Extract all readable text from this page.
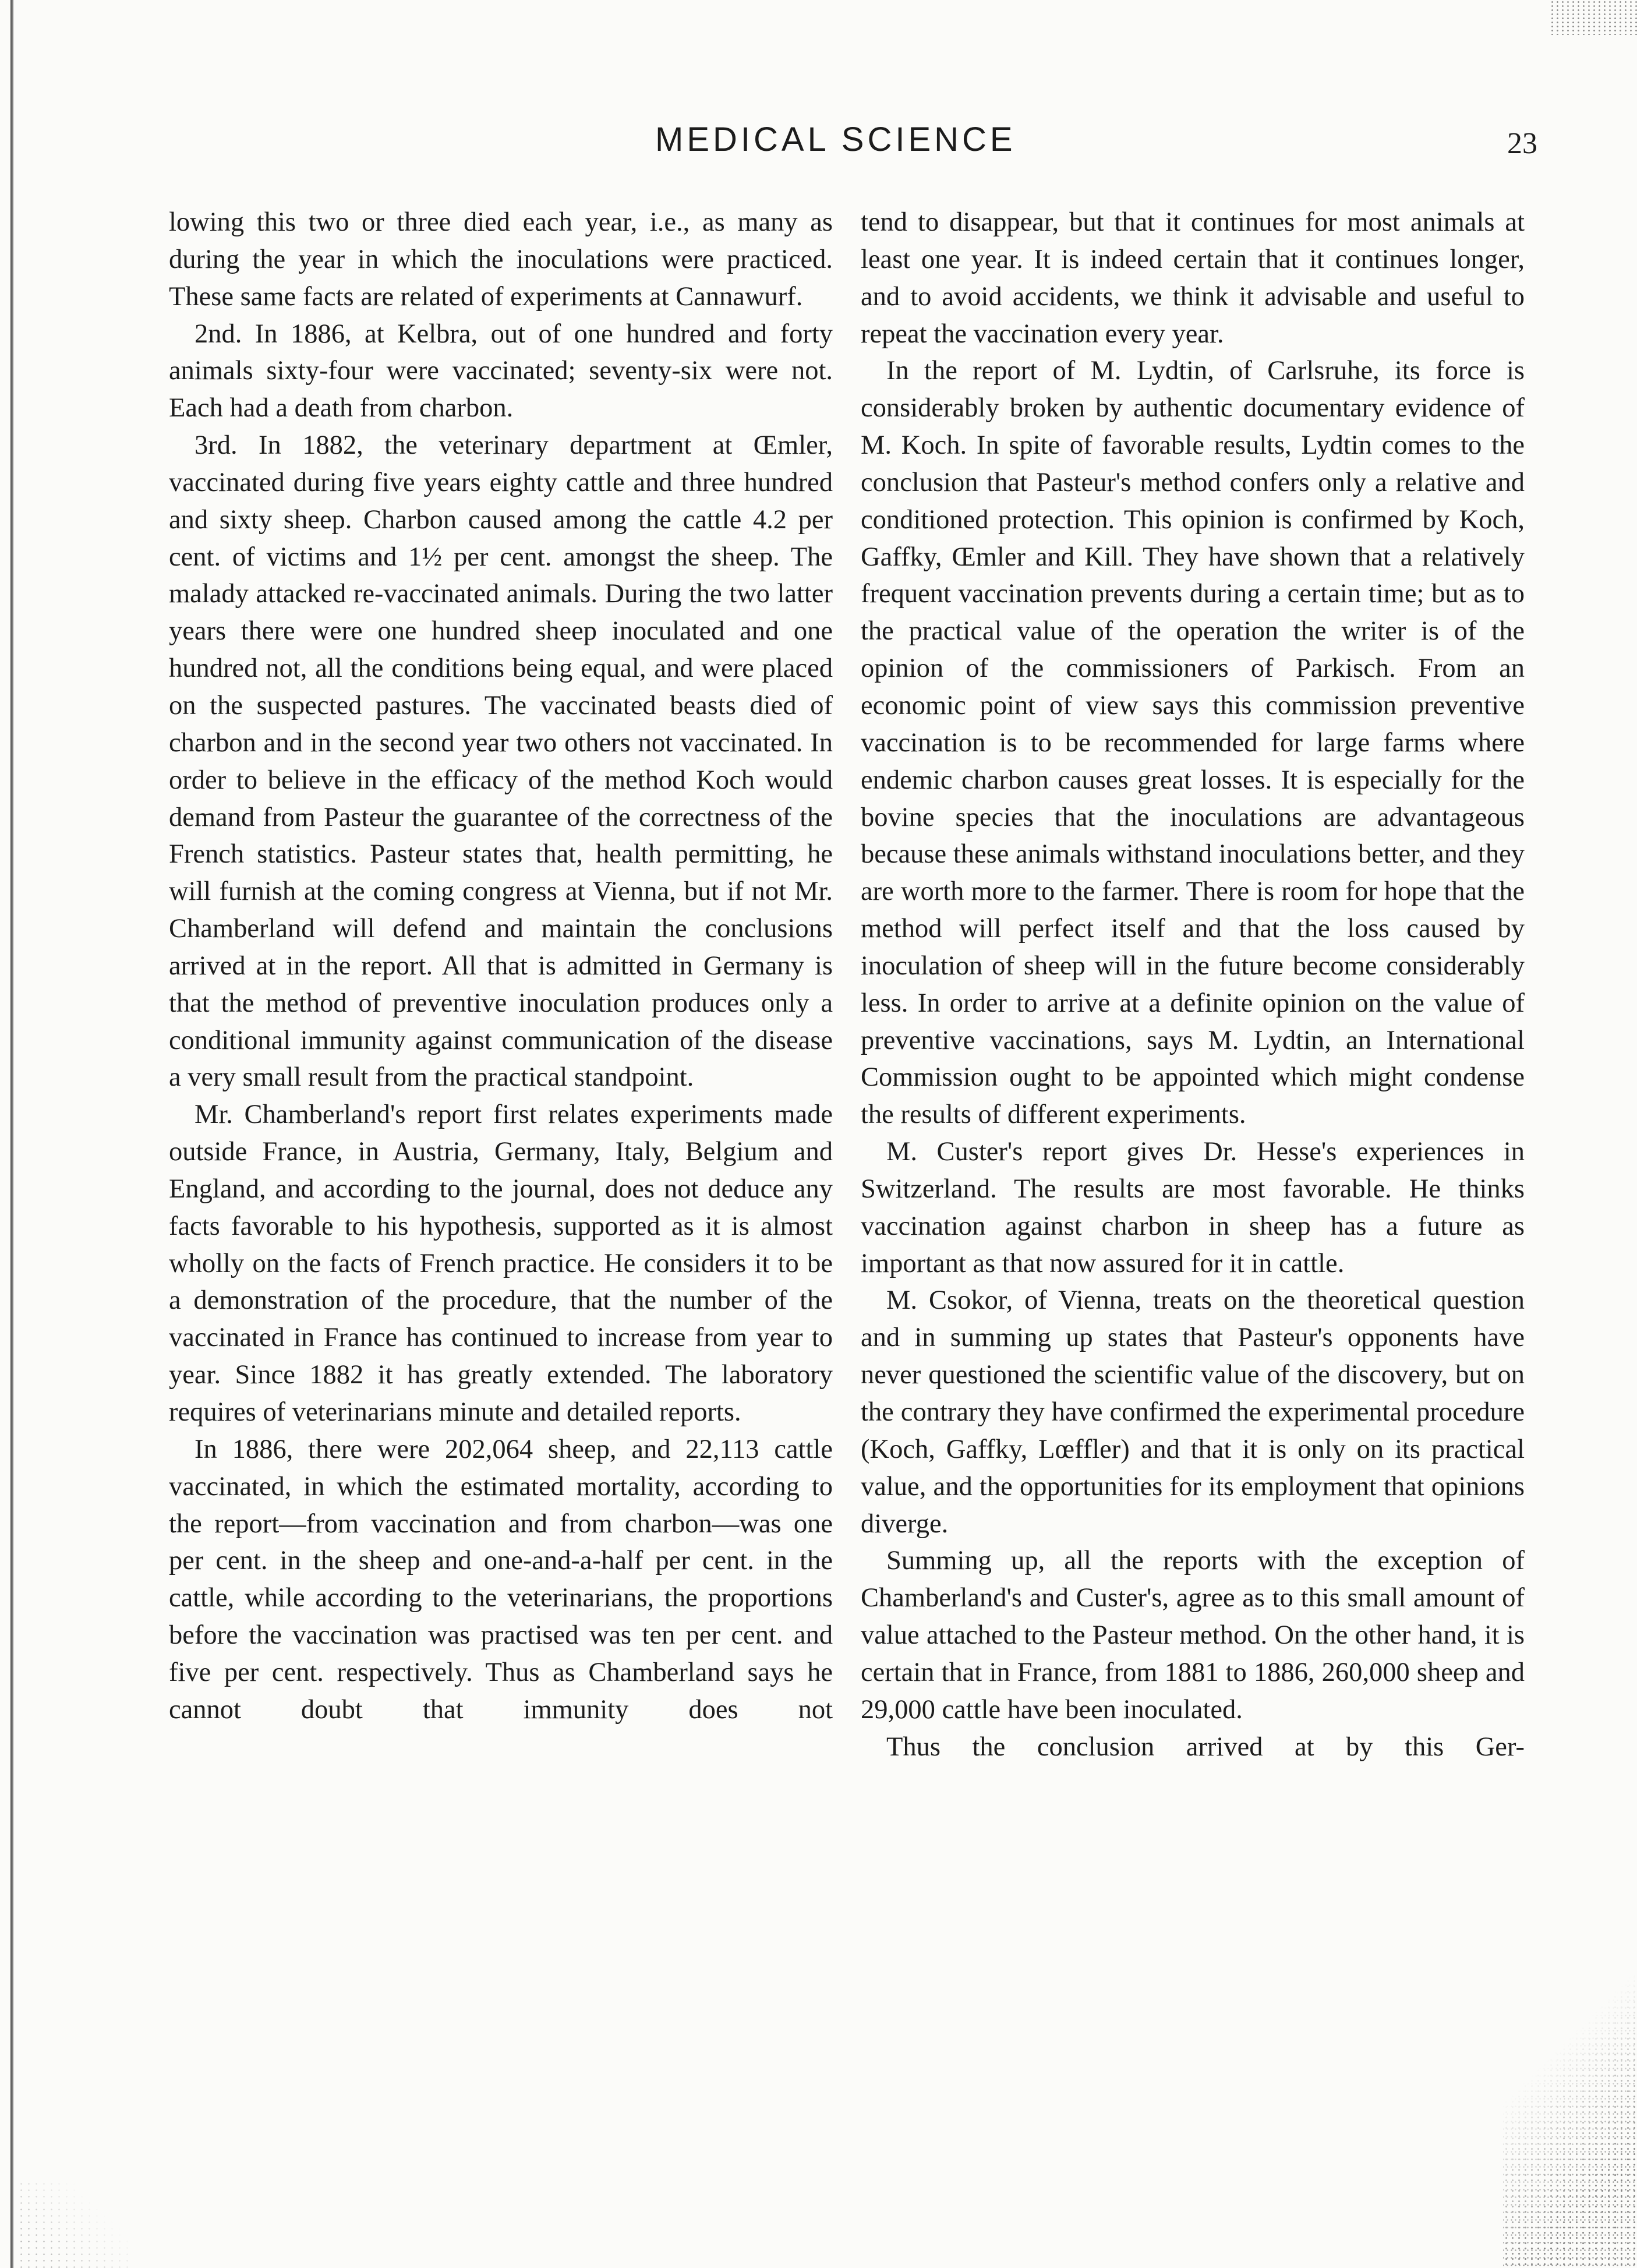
MEDICAL SCIENCE	23

lowing this two or three died each year, i.e., as many as during the year in which the inoculations were practiced. These same facts are related of experiments at Cannawurf.

2nd. In 1886, at Kelbra, out of one hundred and forty animals sixty-four were vaccinated; seventy-six were not. Each had a death from charbon.

3rd. In 1882, the veterinary department at Œmler, vaccinated during five years eighty cattle and three hundred and sixty sheep. Charbon caused among the cattle 4.2 per cent. of victims and 1½ per cent. amongst the sheep. The malady attacked re-vaccinated animals. During the two latter years there were one hundred sheep inoculated and one hundred not, all the conditions being equal, and were placed on the suspected pastures. The vaccinated beasts died of charbon and in the second year two others not vaccinated. In order to believe in the efficacy of the method Koch would demand from Pasteur the guarantee of the correctness of the French statistics. Pasteur states that, health permitting, he will furnish at the coming congress at Vienna, but if not Mr. Chamberland will defend and maintain the conclusions arrived at in the report. All that is admitted in Germany is that the method of preventive inoculation produces only a conditional immunity against communication of the disease a very small result from the practical standpoint.

Mr. Chamberland's report first relates experiments made outside France, in Austria, Germany, Italy, Belgium and England, and according to the journal, does not deduce any facts favorable to his hypothesis, supported as it is almost wholly on the facts of French practice. He considers it to be a demonstration of the procedure, that the number of the vaccinated in France has continued to increase from year to year. Since 1882 it has greatly extended. The laboratory requires of veterinarians minute and detailed reports.

In 1886, there were 202,064 sheep, and 22,113 cattle vaccinated, in which the estimated mortality, according to the report—from vaccination and from charbon—was one per cent. in the sheep and one-and-a-half per cent. in the cattle, while according to the veterinarians, the proportions before the vaccination was practised was ten per cent. and five per cent. respectively. Thus as Chamberland says he cannot doubt that immunity does not

tend to disappear, but that it continues for most animals at least one year. It is indeed certain that it continues longer, and to avoid accidents, we think it advisable and useful to repeat the vaccination every year.

In the report of M. Lydtin, of Carlsruhe, its force is considerably broken by authentic documentary evidence of M. Koch. In spite of favorable results, Lydtin comes to the conclusion that Pasteur's method confers only a relative and conditioned protection. This opinion is confirmed by Koch, Gaffky, Œmler and Kill. They have shown that a relatively frequent vaccination prevents during a certain time; but as to the practical value of the operation the writer is of the opinion of the commissioners of Parkisch. From an economic point of view says this commission preventive vaccination is to be recommended for large farms where endemic charbon causes great losses. It is especially for the bovine species that the inoculations are advantageous because these animals withstand inoculations better, and they are worth more to the farmer. There is room for hope that the method will perfect itself and that the loss caused by inoculation of sheep will in the future become considerably less. In order to arrive at a definite opinion on the value of preventive vaccinations, says M. Lydtin, an International Commission ought to be appointed which might condense the results of different experiments.

M. Custer's report gives Dr. Hesse's experiences in Switzerland. The results are most favorable. He thinks vaccination against charbon in sheep has a future as important as that now assured for it in cattle.

M. Csokor, of Vienna, treats on the theoretical question and in summing up states that Pasteur's opponents have never questioned the scientific value of the discovery, but on the contrary they have confirmed the experimental procedure (Koch, Gaffky, Lœffler) and that it is only on its practical value, and the opportunities for its employment that opinions diverge.

Summing up, all the reports with the exception of Chamberland's and Custer's, agree as to this small amount of value attached to the Pasteur method. On the other hand, it is certain that in France, from 1881 to 1886, 260,000 sheep and 29,000 cattle have been inoculated.

Thus the conclusion arrived at by this Ger-
